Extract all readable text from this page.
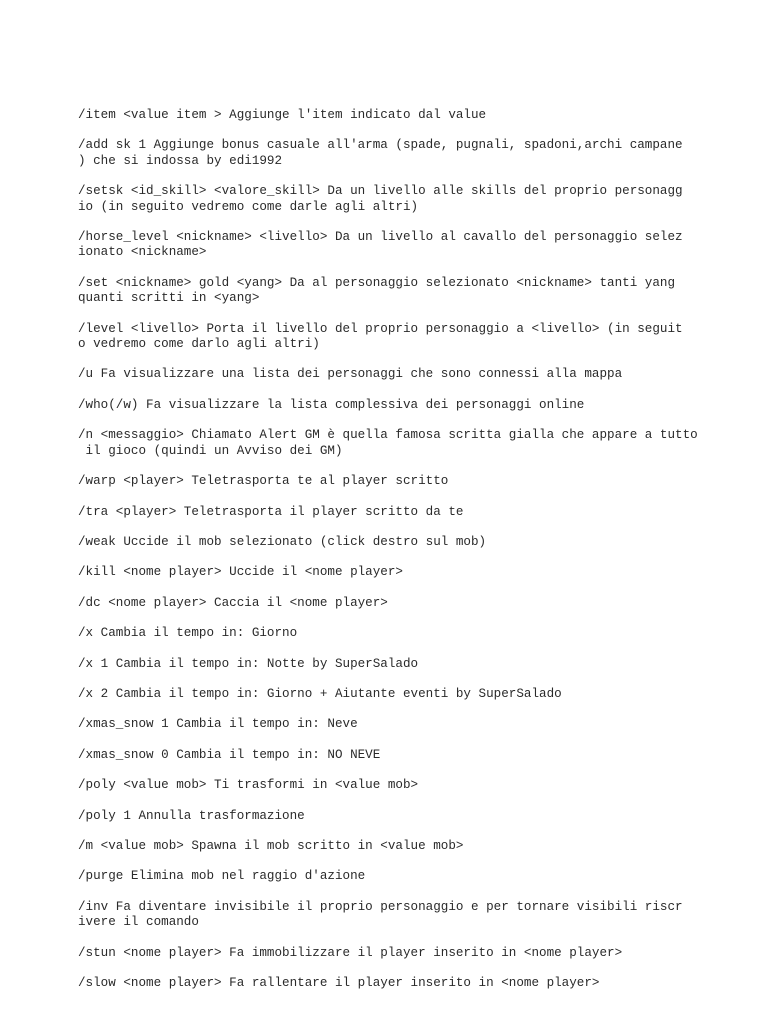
/item <value item > Aggiunge l'item indicato dal value

/add sk 1 Aggiunge bonus casuale all'arma (spade, pugnali, spadoni,archi campane
) che si indossa by edi1992

/setsk <id_skill> <valore_skill> Da un livello alle skills del proprio personagg
io (in seguito vedremo come darle agli altri)

/horse_level <nickname> <livello> Da un livello al cavallo del personaggio selez
ionato <nickname>

/set <nickname> gold <yang> Da al personaggio selezionato <nickname> tanti yang
quanti scritti in <yang>

/level <livello> Porta il livello del proprio personaggio a <livello> (in seguit
o vedremo come darlo agli altri)

/u Fa visualizzare una lista dei personaggi che sono connessi alla mappa

/who(/w) Fa visualizzare la lista complessiva dei personaggi online

/n <messaggio> Chiamato Alert GM è quella famosa scritta gialla che appare a tutto
il gioco (quindi un Avviso dei GM)

/warp <player> Teletrasporta te al player scritto

/tra <player> Teletrasporta il player scritto da te

/weak Uccide il mob selezionato (click destro sul mob)

/kill <nome player> Uccide il <nome player>

/dc <nome player> Caccia il <nome player>

/x Cambia il tempo in: Giorno

/x 1 Cambia il tempo in: Notte by SuperSalado

/x 2 Cambia il tempo in: Giorno + Aiutante eventi by SuperSalado

/xmas_snow 1 Cambia il tempo in: Neve

/xmas_snow 0 Cambia il tempo in: NO NEVE

/poly <value mob> Ti trasformi in <value mob>

/poly 1 Annulla trasformazione

/m <value mob> Spawna il mob scritto in <value mob>

/purge Elimina mob nel raggio d'azione

/inv Fa diventare invisibile il proprio personaggio e per tornare visibili riscr
ivere il comando

/stun <nome player> Fa immobilizzare il player inserito in <nome player>

/slow <nome player> Fa rallentare il player inserito in <nome player>
